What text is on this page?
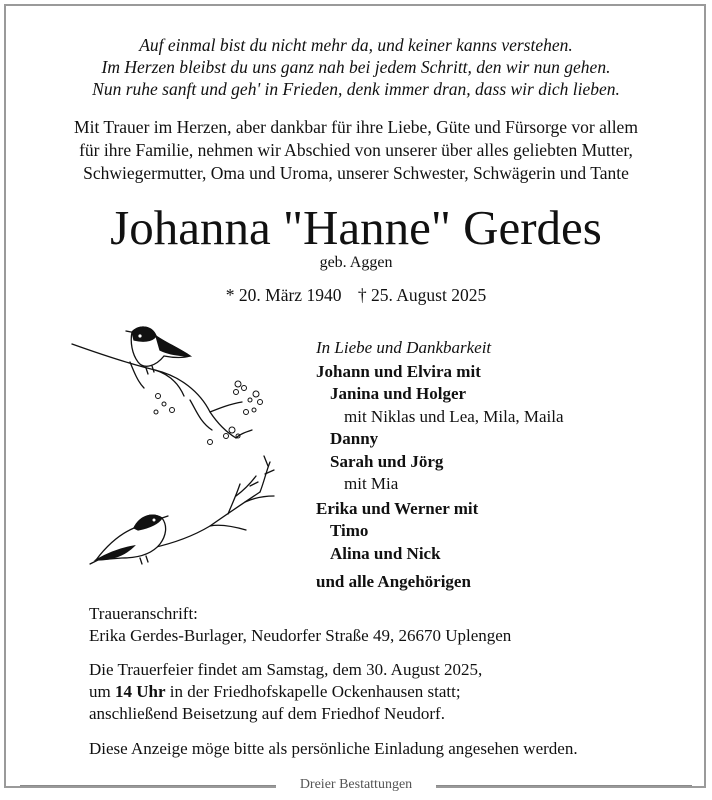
Auf einmal bist du nicht mehr da, und keiner kanns verstehen.
Im Herzen bleibst du uns ganz nah bei jedem Schritt, den wir nun gehen.
Nun ruhe sanft und geh' in Frieden, denk immer dran, dass wir dich lieben.
Mit Trauer im Herzen, aber dankbar für ihre Liebe, Güte und Fürsorge vor allem
für ihre Familie, nehmen wir Abschied von unserer über alles geliebten Mutter,
Schwiegermutter, Oma und Uroma, unserer Schwester, Schwägerin und Tante
Johanna "Hanne" Gerdes
geb. Aggen
* 20. März 1940 † 25. August 2025
In Liebe und Dankbarkeit
Johann und Elvira mit
Janina und Holger
mit Niklas und Lea, Mila, Maila
Danny
Sarah und Jörg
mit Mia
Erika und Werner mit
Timo
Alina und Nick
und alle Angehörigen
Traueranschrift:
Erika Gerdes-Burlager, Neudorfer Straße 49, 26670 Uplengen
Die Trauerfeier findet am Samstag, dem 30. August 2025,
um 14 Uhr in der Friedhofskapelle Ockenhausen statt;
anschließend Beisetzung auf dem Friedhof Neudorf.
Diese Anzeige möge bitte als persönliche Einladung angesehen werden.
Dreier Bestattungen
